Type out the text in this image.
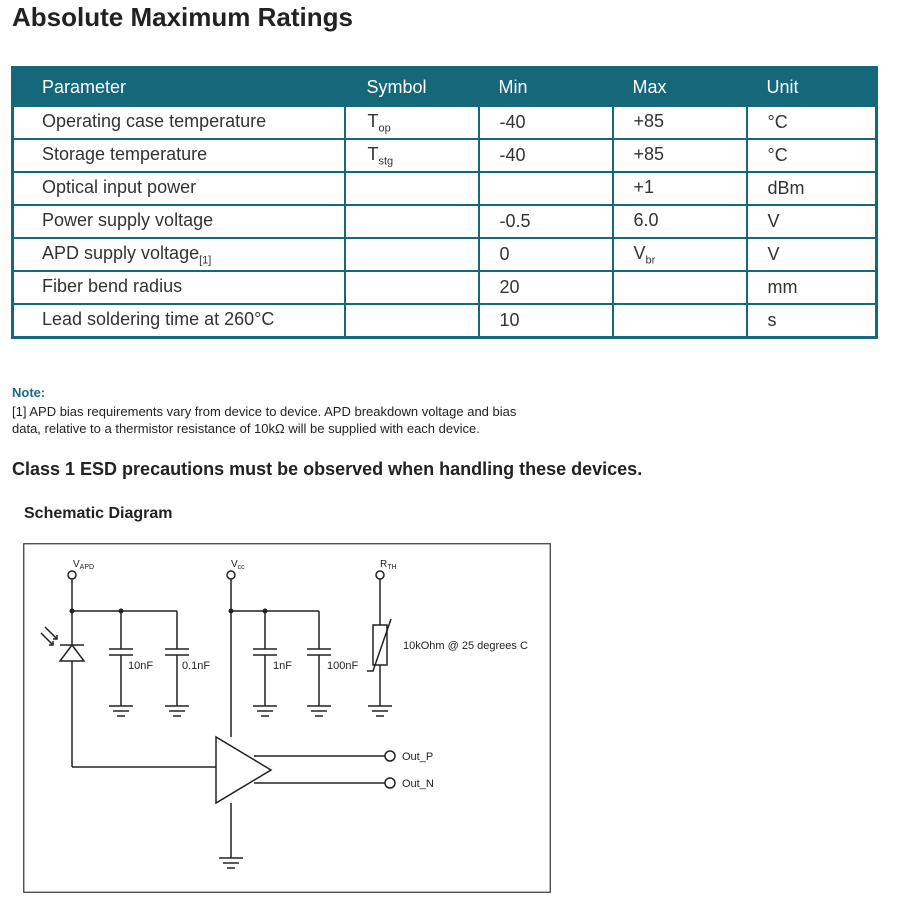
Absolute Maximum Ratings
Parameter	Symbol	Min	Max	Unit
Operating case temperature	$T_{op}$	-40	+85	°C
Storage temperature	$T_{stg}$	-40	+85	°C
Optical input power			+1	dBm
Power supply voltage		-0.5	6.0	V
APD supply voltage$_{[1]}$		0	$V_{br}$	V
Fiber bend radius		20		mm
Lead soldering time at 260°C		10		s
Note:
[1] APD bias requirements vary from device to device. APD breakdown voltage and bias
data, relative to a thermistor resistance of 10kΩ will be supplied with each device.
Class 1 ESD precautions must be observed when handling these devices.
Schematic Diagram
$V_{APD}$
10nF	0.1nF
$V_{cc}$
1nF	100nF
$R_{TH}$
10kOhm @ 25 degrees C
Out_P
Out_N
